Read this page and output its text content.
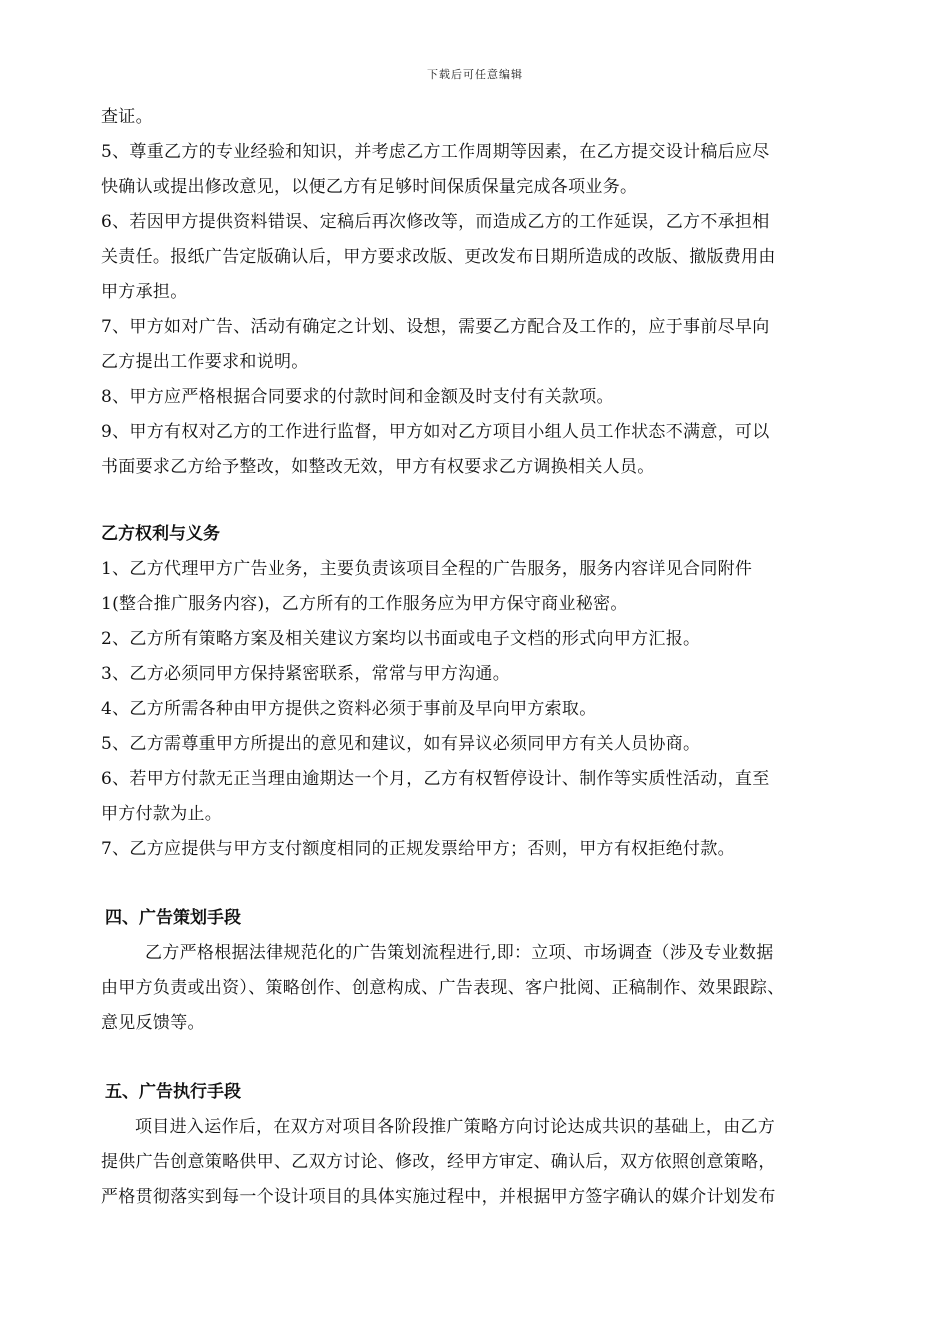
下载后可任意编辑
查证。
5、尊重乙方的专业经验和知识，并考虑乙方工作周期等因素，在乙方提交设计稿后应尽
快确认或提出修改意见，以便乙方有足够时间保质保量完成各项业务。
6、若因甲方提供资料错误、定稿后再次修改等，而造成乙方的工作延误，乙方不承担相
关责任。报纸广告定版确认后，甲方要求改版、更改发布日期所造成的改版、撤版费用由
甲方承担。
7、甲方如对广告、活动有确定之计划、设想，需要乙方配合及工作的，应于事前尽早向
乙方提出工作要求和说明。
8、甲方应严格根据合同要求的付款时间和金额及时支付有关款项。
9、甲方有权对乙方的工作进行监督，甲方如对乙方项目小组人员工作状态不满意，可以
书面要求乙方给予整改，如整改无效，甲方有权要求乙方调换相关人员。
乙方权利与义务
1、乙方代理甲方广告业务，主要负责该项目全程的广告服务，服务内容详见合同附件
1(整合推广服务内容)，乙方所有的工作服务应为甲方保守商业秘密。
2、乙方所有策略方案及相关建议方案均以书面或电子文档的形式向甲方汇报。
3、乙方必须同甲方保持紧密联系，常常与甲方沟通。
4、乙方所需各种由甲方提供之资料必须于事前及早向甲方索取。
5、乙方需尊重甲方所提出的意见和建议，如有异议必须同甲方有关人员协商。
6、若甲方付款无正当理由逾期达一个月，乙方有权暂停设计、制作等实质性活动，直至
甲方付款为止。
7、乙方应提供与甲方支付额度相同的正规发票给甲方；否则，甲方有权拒绝付款。
四、广告策划手段
乙方严格根据法律规范化的广告策划流程进行,即：立项、市场调查（涉及专业数据
由甲方负责或出资）、策略创作、创意构成、广告表现、客户批阅、正稿制作、效果跟踪、
意见反馈等。
五、广告执行手段
项目进入运作后，在双方对项目各阶段推广策略方向讨论达成共识的基础上，由乙方
提供广告创意策略供甲、乙双方讨论、修改，经甲方审定、确认后，双方依照创意策略，
严格贯彻落实到每一个设计项目的具体实施过程中，并根据甲方签字确认的媒介计划发布
